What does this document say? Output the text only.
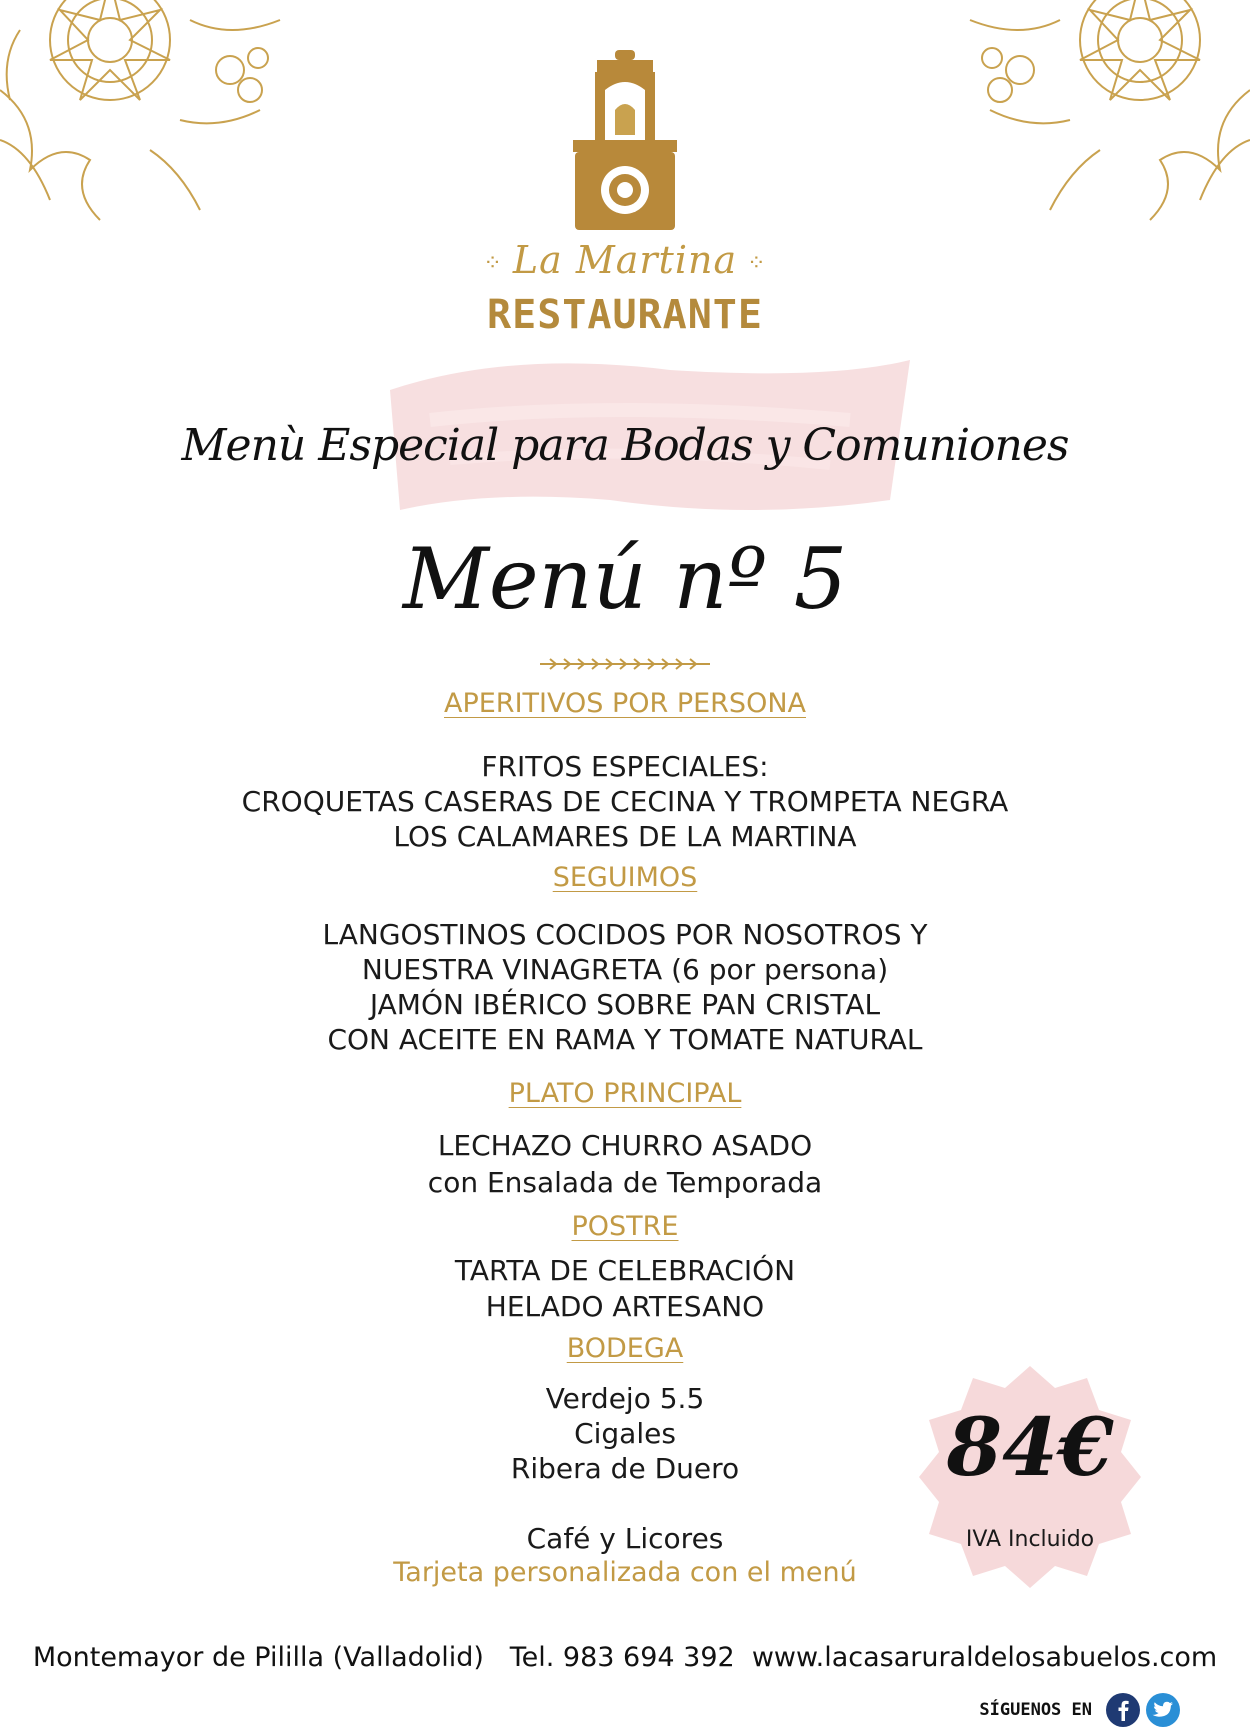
⁘ La Martina ⁘
RESTAURANTE
Menù Especial para Bodas y Comuniones
Menú nº 5
APERITIVOS POR PERSONA
FRITOS ESPECIALES:
CROQUETAS CASERAS DE CECINA Y TROMPETA NEGRA
LOS CALAMARES DE LA MARTINA
SEGUIMOS
LANGOSTINOS COCIDOS POR NOSOTROS Y
NUESTRA VINAGRETA (6 por persona)
JAMÓN IBÉRICO SOBRE PAN CRISTAL
CON ACEITE EN RAMA Y TOMATE NATURAL
PLATO PRINCIPAL
LECHAZO CHURRO ASADO
con Ensalada de Temporada
POSTRE
TARTA DE CELEBRACIÓN
HELADO ARTESANO
BODEGA
Verdejo 5.5
Cigales
Ribera de Duero
Café y Licores
Tarjeta personalizada con el menú
84€
IVA Incluido
Montemayor de Pililla (Valladolid) Tel. 983 694 392 www.lacasaruraldelosabuelos.com
SÍGUENOS EN
